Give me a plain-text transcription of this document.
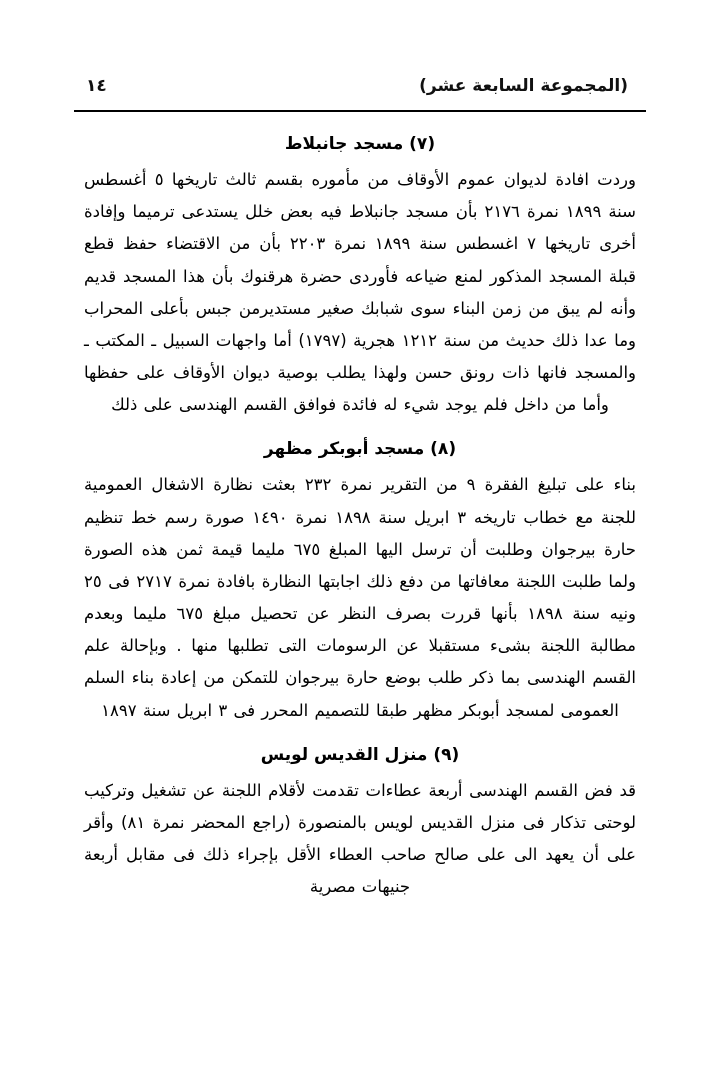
(المجموعة السابعة عشر)
١٤
(٧) مسجد جانبلاط

وردت افادة لديوان عموم الأوقاف من مأموره بقسم ثالث تاريخها ٥ أغسطس سنة ١٨٩٩ نمرة ٢١٧٦ بأن مسجد جانبلاط فيه بعض خلل يستدعى ترميما وإفادة أخرى تاريخها ٧ اغسطس سنة ١٨٩٩ نمرة ٢٢٠٣ بأن من الاقتضاء حفظ قطع قبلة المسجد المذكور لمنع ضياعه فأوردى حضرة هرقنوك بأن هذا المسجد قديم وأنه لم يبق من زمن البناء سوى شبابك صغير مستديرمن جبس بأعلى المحراب وما عدا ذلك حديث من سنة ١٢١٢ هجرية (١٧٩٧) أما واجهات السبيل ـ المكتب ـ والمسجد فانها ذات رونق حسن ولهذا يطلب بوصية ديوان الأوقاف على حفظها وأما من داخل فلم يوجد شيء له فائدة فوافق القسم الهندسى على ذلك

(٨) مسجد أبوبكر مظهر

بناء على تبليغ الفقرة ٩ من التقرير نمرة ٢٣٢ بعثت نظارة الاشغال العمومية للجنة مع خطاب تاريخه ٣ ابريل سنة ١٨٩٨ نمرة ١٤٩٠ صورة رسم خط تنظيم حارة بيرجوان وطلبت أن ترسل اليها المبلغ ٦٧٥ مليما قيمة ثمن هذه الصورة ولما طلبت اللجنة معافاتها من دفع ذلك اجابتها النظارة بافادة نمرة ٢٧١٧ فى ٢٥ ونيه سنة ١٨٩٨ بأنها قررت بصرف النظر عن تحصيل مبلغ ٦٧٥ مليما وبعدم مطالبة اللجنة بشىء مستقبلا عن الرسومات التى تطلبها منها . وبإحالة علم القسم الهندسى بما ذكر طلب بوضع حارة بيرجوان للتمكن من إعادة بناء السلم العمومى لمسجد أبوبكر مظهر طبقا للتصميم المحرر فى ٣ ابريل سنة ١٨٩٧

(٩) منزل القدیس لویس

قد فض القسم الهندسى أربعة عطاءات تقدمت لأقلام اللجنة عن تشغيل وتركيب لوحتى تذكار فى منزل القديس لويس بالمنصورة (راجع المحضر نمرة ٨١) وأقر على أن يعهد الى على صالح صاحب العطاء الأقل بإجراء ذلك فى مقابل أربعة جنيهات مصرية
